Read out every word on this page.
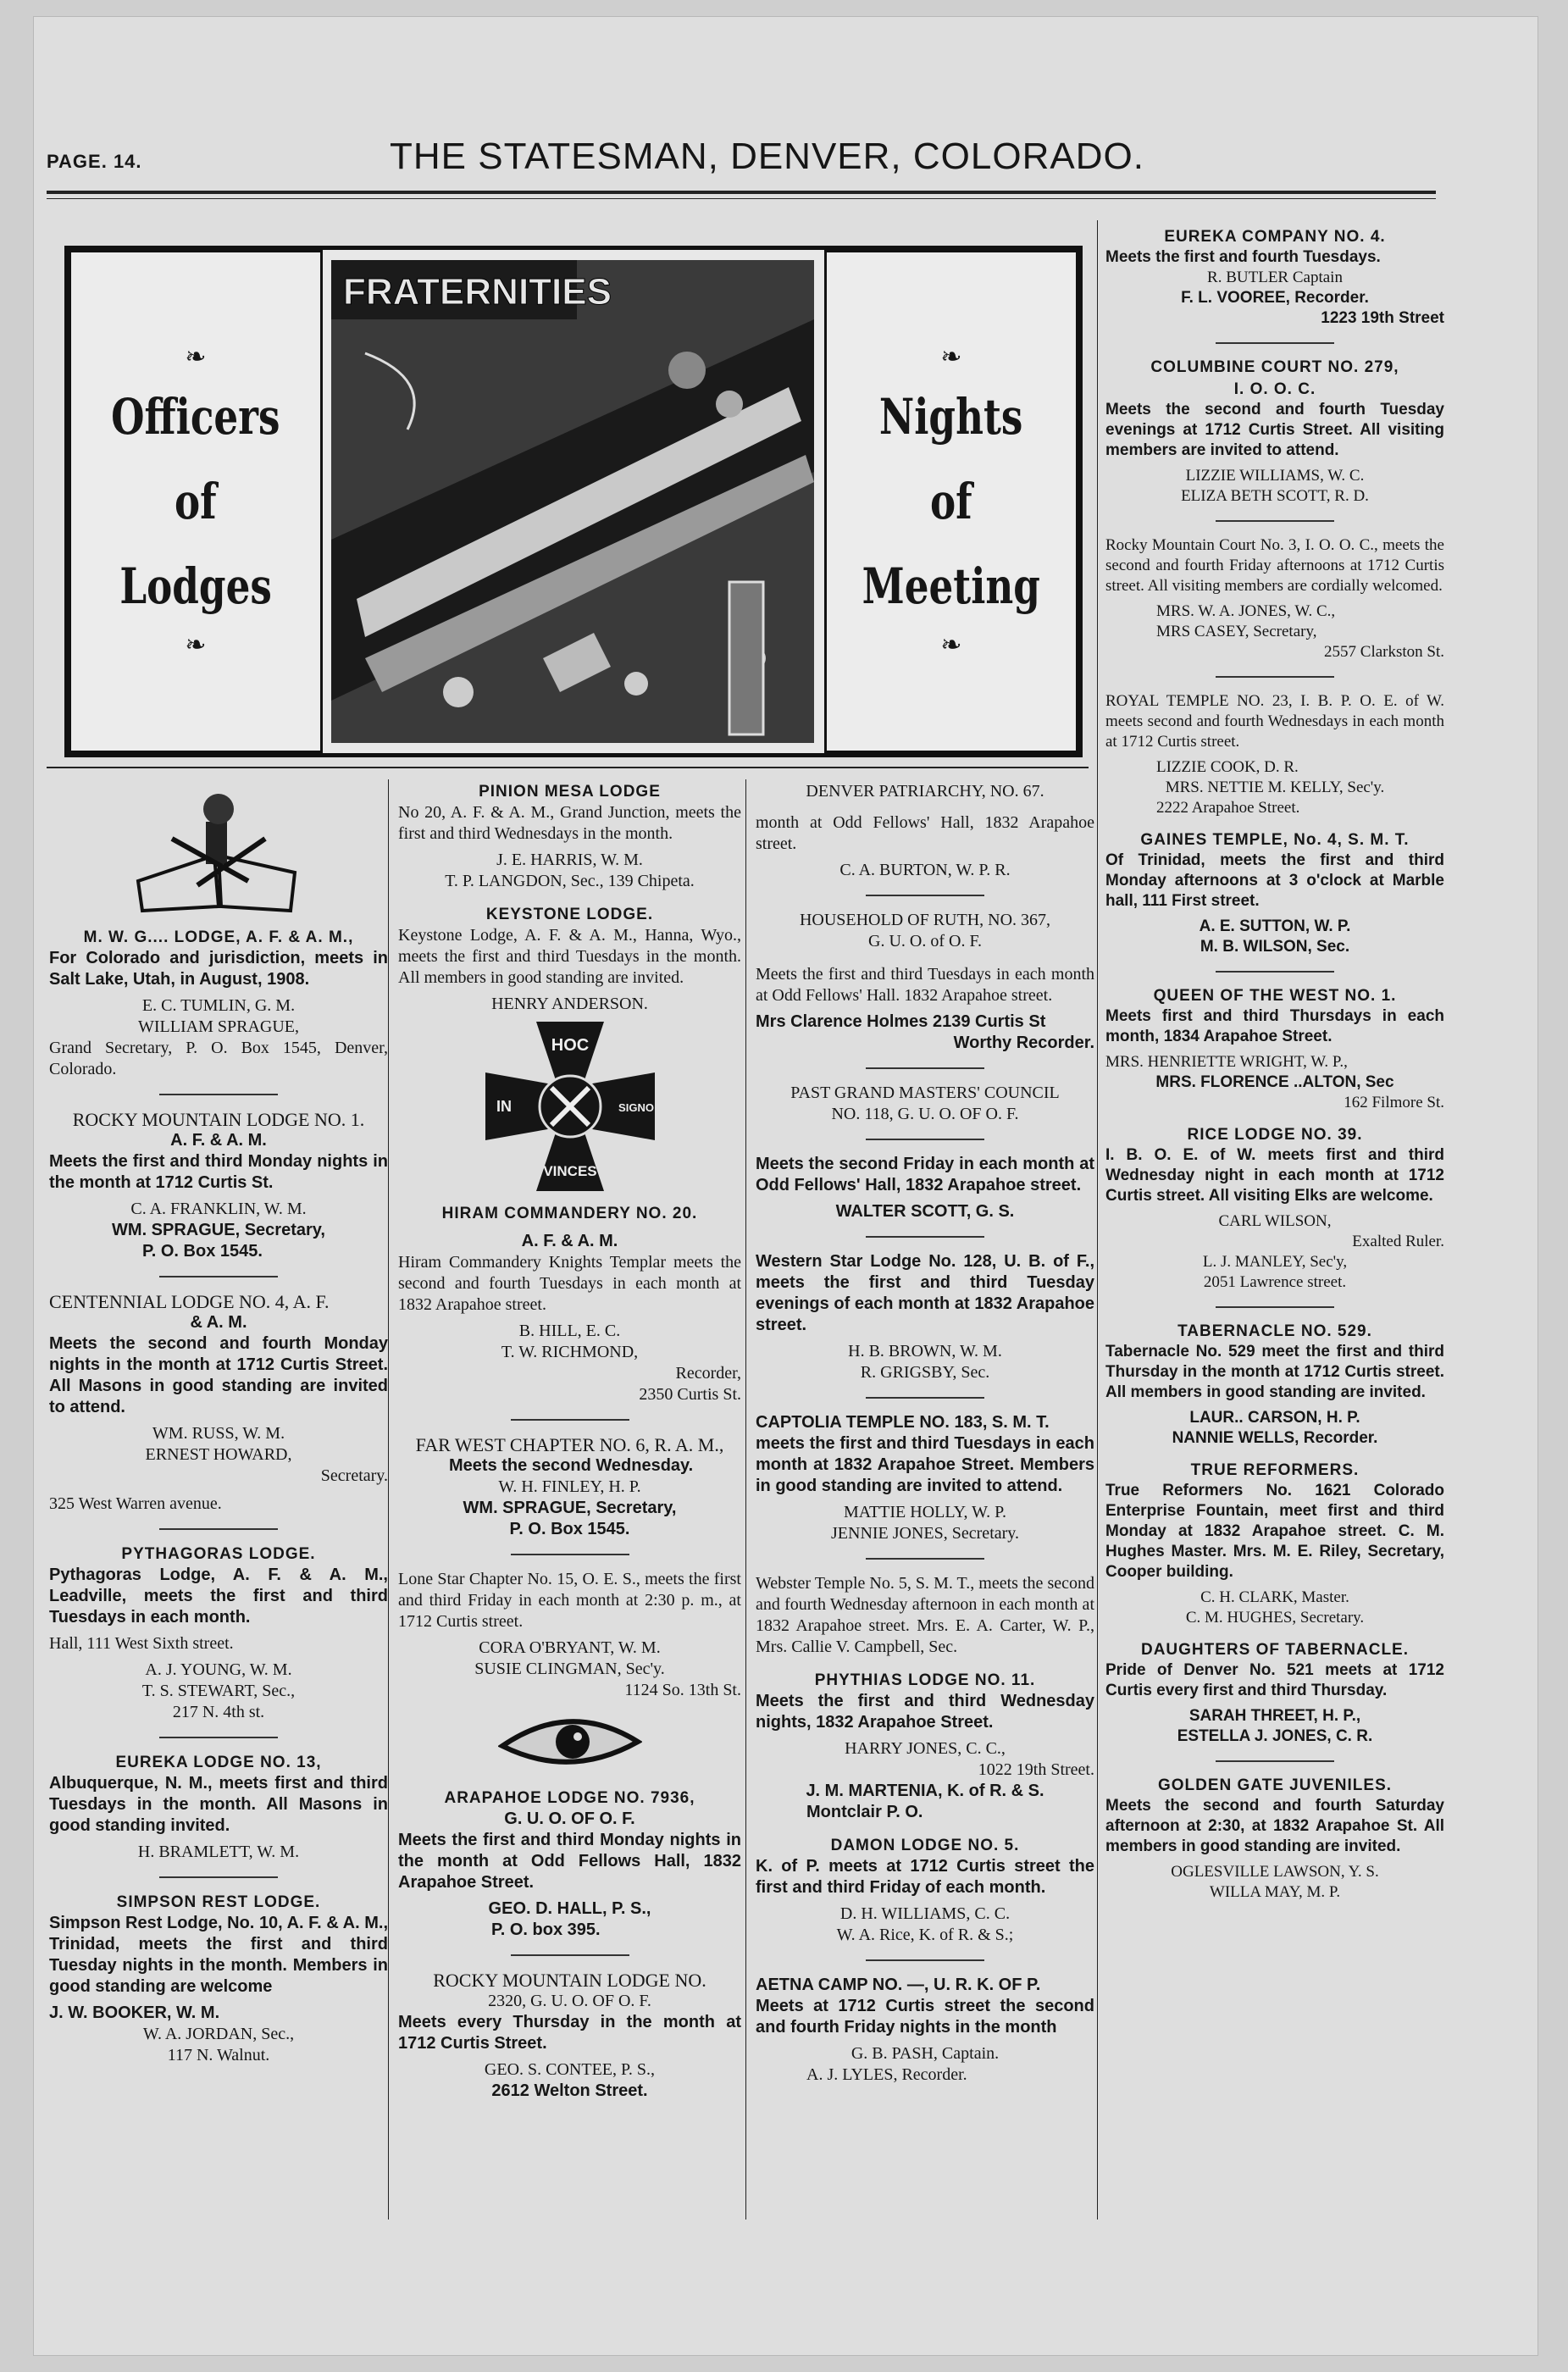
PAGE. 14.	THE STATESMAN, DENVER, COLORADO.
❧
Officers
of
Lodges
❧
FRATERNITIES
❧
Nights
of
Meeting
❧
M. W. G.... LODGE, A. F. & A. M.,
For Colorado and jurisdiction, meets in Salt Lake, Utah, in August, 1908.
E. C. TUMLIN, G. M.
WILLIAM SPRAGUE,
Grand Secretary, P. O. Box 1545, Denver, Colorado.
ROCKY MOUNTAIN LODGE NO. 1.
A. F. & A. M.
Meets the first and third Monday nights in the month at 1712 Curtis St.
C. A. FRANKLIN, W. M.
WM. SPRAGUE, Secretary,
P. O. Box 1545.
CENTENNIAL LODGE NO. 4, A. F.
& A. M.
Meets the second and fourth Monday nights in the month at 1712 Curtis Street. All Masons in good standing are invited to attend.
WM. RUSS, W. M.
ERNEST HOWARD,
Secretary.
325 West Warren avenue.
PYTHAGORAS LODGE.
Pythagoras Lodge, A. F. & A. M., Leadville, meets the first and third Tuesdays in each month.
Hall, 111 West Sixth street.
A. J. YOUNG, W. M.
T. S. STEWART, Sec.,
217 N. 4th st.
EUREKA LODGE NO. 13,
Albuquerque, N. M., meets first and third Tuesdays in the month. All Masons in good standing invited.
H. BRAMLETT, W. M.
SIMPSON REST LODGE.
Simpson Rest Lodge, No. 10, A. F. & A. M., Trinidad, meets the first and third Tuesday nights in the month. Members in good standing are welcome
J. W. BOOKER, W. M.
W. A. JORDAN, Sec.,
117 N. Walnut.
PINION MESA LODGE
No 20, A. F. & A. M., Grand Junction, meets the first and third Wednesdays in the month.
J. E. HARRIS, W. M.
T. P. LANGDON, Sec., 139 Chipeta.
KEYSTONE LODGE.
Keystone Lodge, A. F. & A. M., Hanna, Wyo., meets the first and third Tuesdays in the month. All members in good standing are invited.
HENRY ANDERSON.
HOC
IN	SIGNO
VINCES
HIRAM COMMANDERY NO. 20.
A. F. & A. M.
Hiram Commandery Knights Templar meets the second and fourth Tuesdays in each month at 1832 Arapahoe street.
B. HILL, E. C.
T. W. RICHMOND,
Recorder,
2350 Curtis St.
FAR WEST CHAPTER NO. 6, R. A. M.,
Meets the second Wednesday.
W. H. FINLEY, H. P.
WM. SPRAGUE, Secretary,
P. O. Box 1545.
Lone Star Chapter No. 15, O. E. S., meets the first and third Friday in each month at 2:30 p. m., at 1712 Curtis street.
CORA O'BRYANT, W. M.
SUSIE CLINGMAN, Sec'y.
1124 So. 13th St.
ARAPAHOE LODGE NO. 7936,
G. U. O. OF O. F.
Meets the first and third Monday nights in the month at Odd Fellows Hall, 1832 Arapahoe Street.
GEO. D. HALL, P. S.,
P. O. box 395.
ROCKY MOUNTAIN LODGE NO.
2320, G. U. O. OF O. F.
Meets every Thursday in the month at 1712 Curtis Street.
GEO. S. CONTEE, P. S.,
2612 Welton Street.
DENVER PATRIARCHY, NO. 67.
month at Odd Fellows' Hall, 1832 Arapahoe street.
C. A. BURTON, W. P. R.
HOUSEHOLD OF RUTH, NO. 367,
G. U. O. of O. F.
Meets the first and third Tuesdays in each month at Odd Fellows' Hall. 1832 Arapahoe street.
Mrs Clarence Holmes 2139 Curtis St
Worthy Recorder.
PAST GRAND MASTERS' COUNCIL
NO. 118, G. U. O. OF O. F.
Meets the second Friday in each month at Odd Fellows' Hall, 1832 Arapahoe street.
WALTER SCOTT, G. S.
Western Star Lodge No. 128, U. B. of F., meets the first and third Tuesday evenings of each month at 1832 Arapahoe street.
H. B. BROWN, W. M.
R. GRIGSBY, Sec.
CAPTOLIA TEMPLE NO. 183, S. M. T.
meets the first and third Tuesdays in each month at 1832 Arapahoe Street. Members in good standing are invited to attend.
MATTIE HOLLY, W. P.
JENNIE JONES, Secretary.
Webster Temple No. 5, S. M. T., meets the second and fourth Wednesday afternoon in each month at 1832 Arapahoe street. Mrs. E. A. Carter, W. P., Mrs. Callie V. Campbell, Sec.
PHYTHIAS LODGE NO. 11.
Meets the first and third Wednesday nights, 1832 Arapahoe Street.
HARRY JONES, C. C.,
1022 19th Street.
J. M. MARTENIA, K. of R. & S.
Montclair P. O.
DAMON LODGE NO. 5.
K. of P. meets at 1712 Curtis street the first and third Friday of each month.
D. H. WILLIAMS, C. C.
W. A. Rice, K. of R. & S.;
AETNA CAMP NO. —, U. R. K. OF P.
Meets at 1712 Curtis street the second and fourth Friday nights in the month
G. B. PASH, Captain.
A. J. LYLES, Recorder.
EUREKA COMPANY NO. 4.
Meets the first and fourth Tuesdays.
R. BUTLER Captain
F. L. VOOREE, Recorder.
1223 19th Street
COLUMBINE COURT NO. 279,
I. O. O. C.
Meets the second and fourth Tuesday evenings at 1712 Curtis Street. All visiting members are invited to attend.
LIZZIE WILLIAMS, W. C.
ELIZA BETH SCOTT, R. D.
Rocky Mountain Court No. 3, I. O. O. C., meets the second and fourth Friday afternoons at 1712 Curtis street. All visiting members are cordially welcomed.
MRS. W. A. JONES, W. C.,
MRS CASEY, Secretary,
2557 Clarkston St.
ROYAL TEMPLE NO. 23, I. B. P. O. E. of W. meets second and fourth Wednesdays in each month at 1712 Curtis street.
LIZZIE COOK, D. R.
MRS. NETTIE M. KELLY, Sec'y.
2222 Arapahoe Street.
GAINES TEMPLE, No. 4, S. M. T.
Of Trinidad, meets the first and third Monday afternoons at 3 o'clock at Marble hall, 111 First street.
A. E. SUTTON, W. P.
M. B. WILSON, Sec.
QUEEN OF THE WEST NO. 1.
Meets first and third Thursdays in each month, 1834 Arapahoe Street.
MRS. HENRIETTE WRIGHT, W. P.,
MRS. FLORENCE ..ALTON, Sec
162 Filmore St.
RICE LODGE NO. 39.
I. B. O. E. of W. meets first and third Wednesday night in each month at 1712 Curtis street. All visiting Elks are welcome.
CARL WILSON,
Exalted Ruler.
L. J. MANLEY, Sec'y,
2051 Lawrence street.
TABERNACLE NO. 529.
Tabernacle No. 529 meet the first and third Thursday in the month at 1712 Curtis street. All members in good standing are invited.
LAUR.. CARSON, H. P.
NANNIE WELLS, Recorder.
TRUE REFORMERS.
True Reformers No. 1621 Colorado Enterprise Fountain, meet first and third Monday at 1832 Arapahoe street. C. M. Hughes Master. Mrs. M. E. Riley, Secretary, Cooper building.
C. H. CLARK, Master.
C. M. HUGHES, Secretary.
DAUGHTERS OF TABERNACLE.
Pride of Denver No. 521 meets at 1712 Curtis every first and third Thursday.
SARAH THREET, H. P.,
ESTELLA J. JONES, C. R.
GOLDEN GATE JUVENILES.
Meets the second and fourth Saturday afternoon at 2:30, at 1832 Arapahoe St. All members in good standing are invited.
OGLESVILLE LAWSON, Y. S.
WILLA MAY, M. P.
